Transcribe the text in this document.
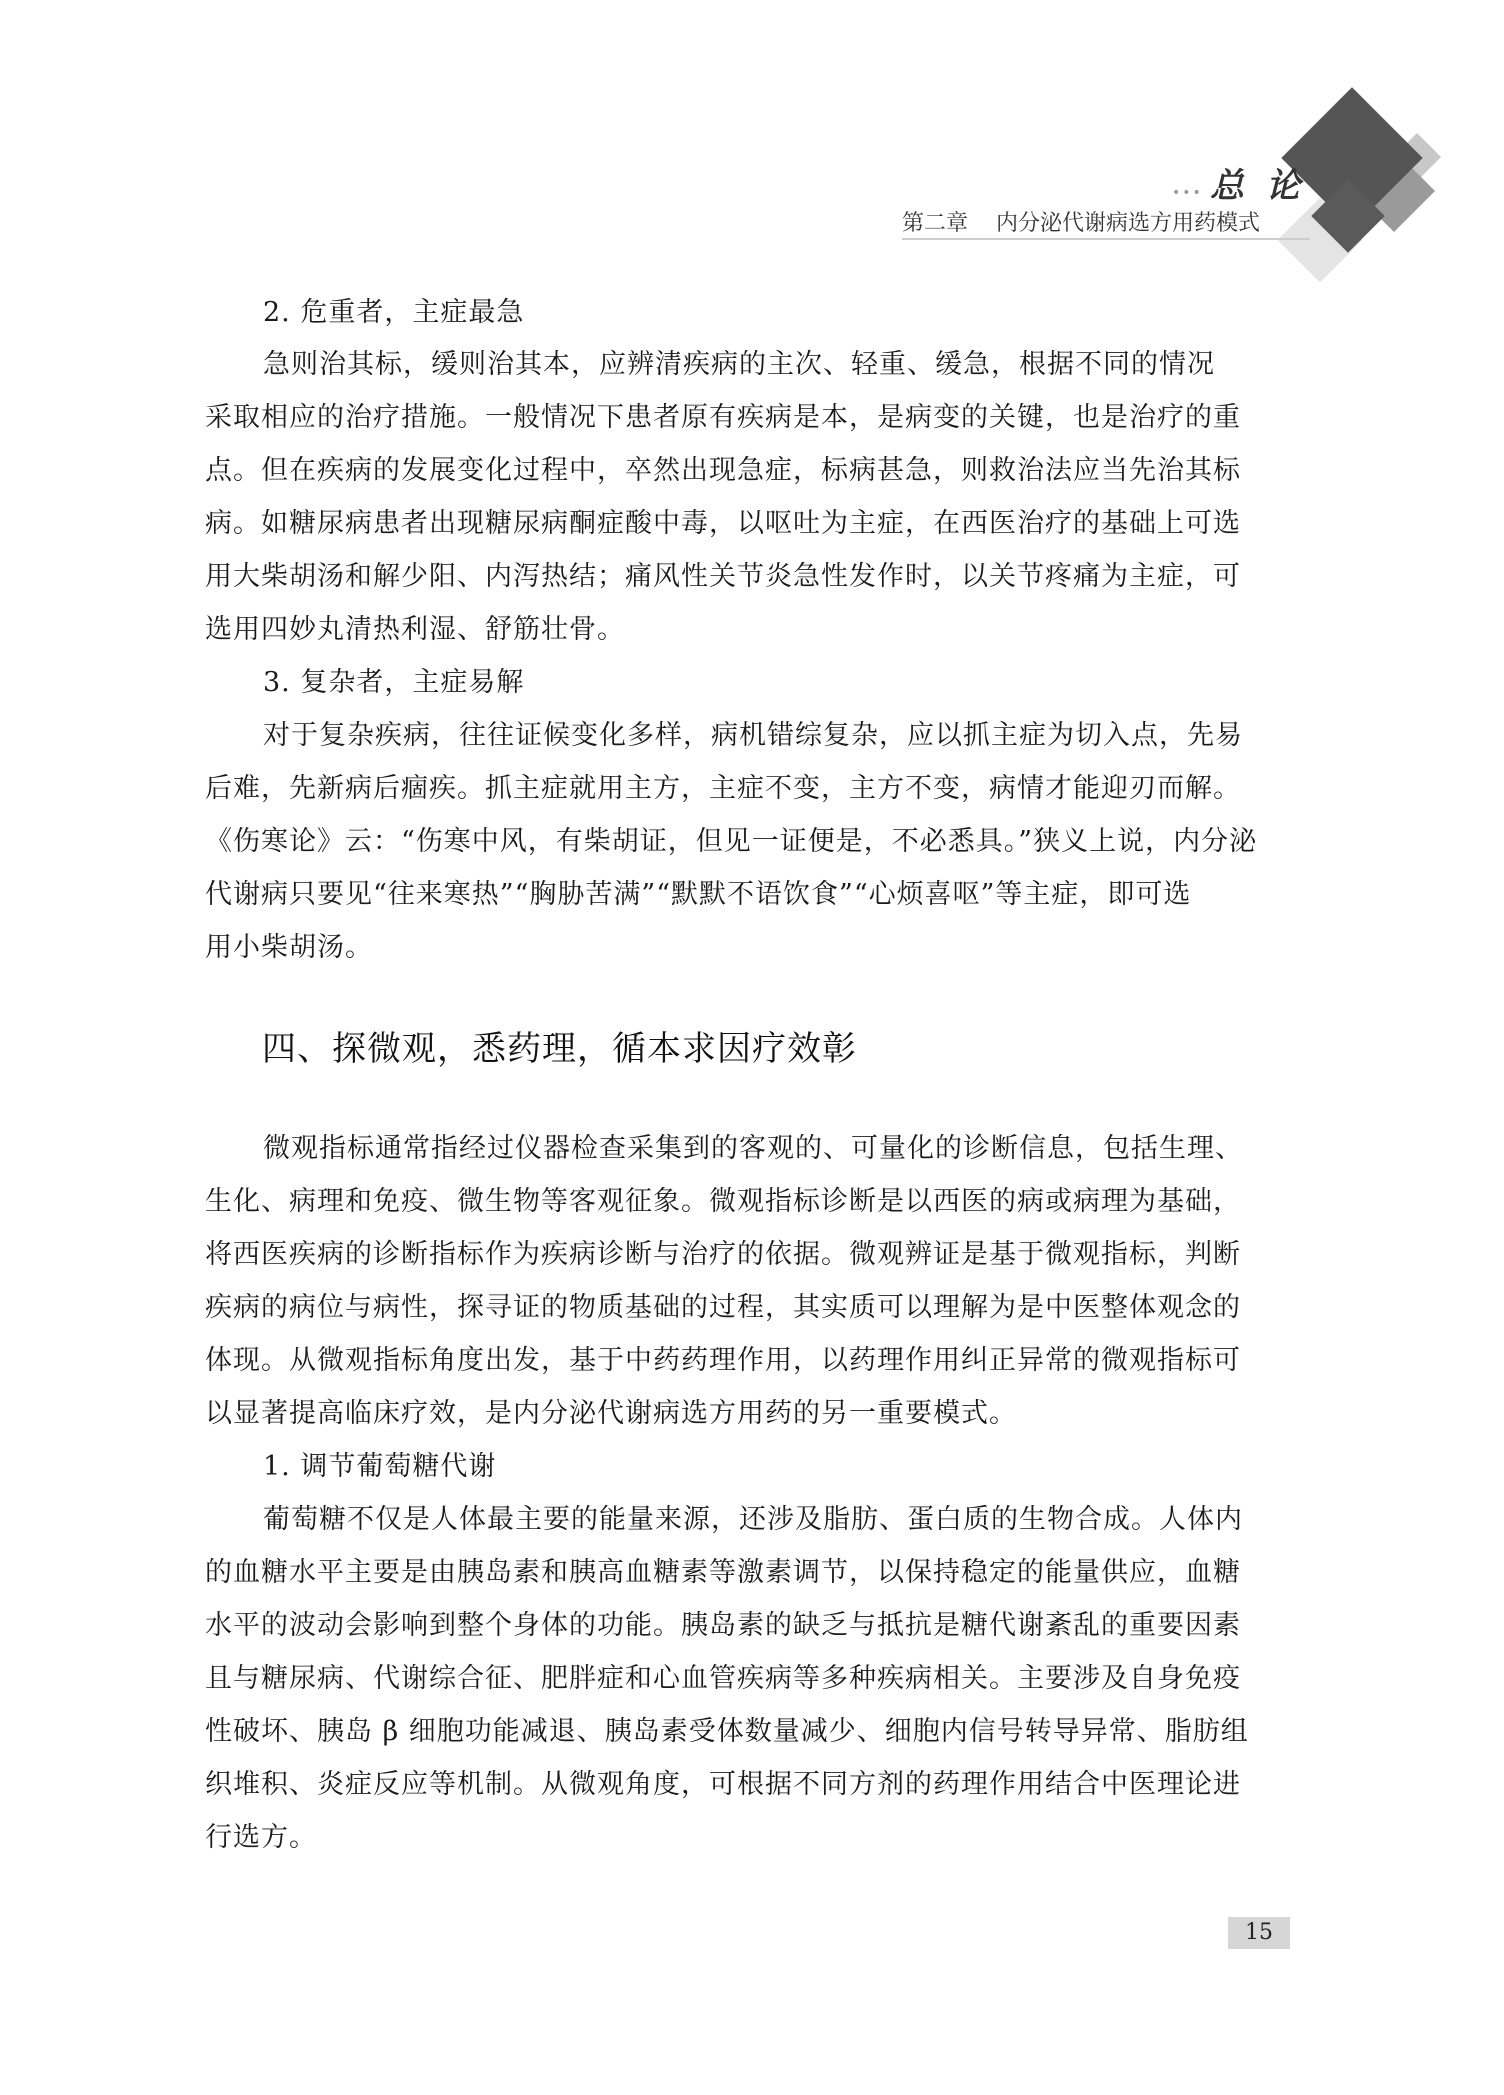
••• 总论
第二章    内分泌代谢病选方用药模式
2. 危重者，主症最急
急则治其标，缓则治其本，应辨清疾病的主次、轻重、缓急，根据不同的情况
采取相应的治疗措施。一般情况下患者原有疾病是本，是病变的关键，也是治疗的重
点。但在疾病的发展变化过程中，卒然出现急症，标病甚急，则救治法应当先治其标
病。如糖尿病患者出现糖尿病酮症酸中毒，以呕吐为主症，在西医治疗的基础上可选
用大柴胡汤和解少阳、内泻热结；痛风性关节炎急性发作时，以关节疼痛为主症，可
选用四妙丸清热利湿、舒筋壮骨。
3. 复杂者，主症易解
对于复杂疾病，往往证候变化多样，病机错综复杂，应以抓主症为切入点，先易
后难，先新病后痼疾。抓主症就用主方，主症不变，主方不变，病情才能迎刃而解。
《伤寒论》云：“伤寒中风，有柴胡证，但见一证便是，不必悉具。”狭义上说，内分泌
代谢病只要见“往来寒热”“胸胁苦满”“默默不语饮食”“心烦喜呕”等主症，即可选
用小柴胡汤。
四、探微观，悉药理，循本求因疗效彰
微观指标通常指经过仪器检查采集到的客观的、可量化的诊断信息，包括生理、
生化、病理和免疫、微生物等客观征象。微观指标诊断是以西医的病或病理为基础，
将西医疾病的诊断指标作为疾病诊断与治疗的依据。微观辨证是基于微观指标，判断
疾病的病位与病性，探寻证的物质基础的过程，其实质可以理解为是中医整体观念的
体现。从微观指标角度出发，基于中药药理作用，以药理作用纠正异常的微观指标可
以显著提高临床疗效，是内分泌代谢病选方用药的另一重要模式。
1. 调节葡萄糖代谢
葡萄糖不仅是人体最主要的能量来源，还涉及脂肪、蛋白质的生物合成。人体内
的血糖水平主要是由胰岛素和胰高血糖素等激素调节，以保持稳定的能量供应，血糖
水平的波动会影响到整个身体的功能。胰岛素的缺乏与抵抗是糖代谢紊乱的重要因素
且与糖尿病、代谢综合征、肥胖症和心血管疾病等多种疾病相关。主要涉及自身免疫
性破坏、胰岛 β 细胞功能减退、胰岛素受体数量减少、细胞内信号转导异常、脂肪组
织堆积、炎症反应等机制。从微观角度，可根据不同方剂的药理作用结合中医理论进
行选方。
15
